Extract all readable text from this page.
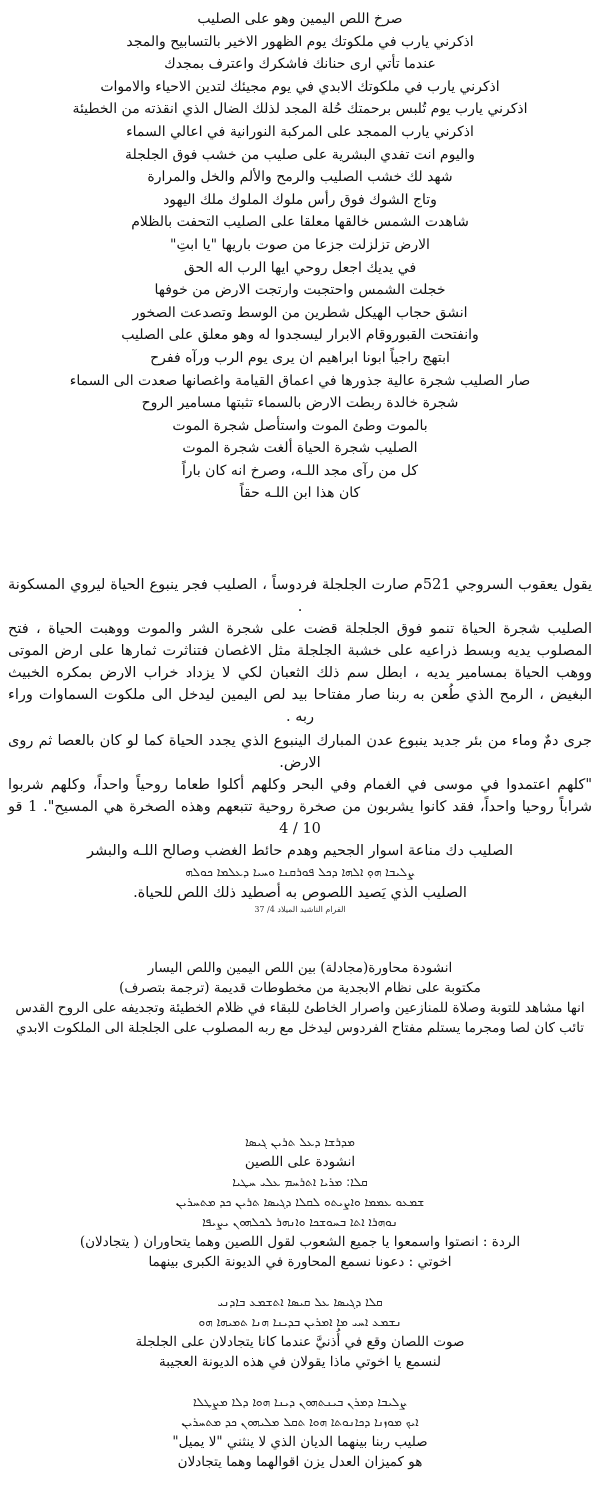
صرخ اللص اليمين وهو على الصليب
اذكرني يارب في ملكوتك يوم الظهور الاخير بالتسابيح والمجد
عندما تأتي ارى حنانك فاشكرك واعترف بمجدك
اذكرني يارب في ملكوتك الابدي في يوم مجيئك لتدين الاحياء والاموات
اذكرني يارب يوم تُلبس برحمتك حُلة المجد لذلك الضال الذي انقذته من الخطيئة
اذكرني يارب الممجد على المركبة النورانية في اعالي السماء
واليوم انت تفدي البشرية على صليب من خشب فوق الجلجلة
شهد لك خشب الصليب والرمح والألم والخل والمرارة
وتاج الشوك فوق رأس ملوك الملوك ملك اليهود
شاهدت الشمس خالقها معلقا على الصليب التحفت بالظلام
الارض تزلزلت جزعا من صوت باريها "يا ابتِ"
في يديك اجعل روحي ايها الرب اله الحق
خجلت الشمس واحتجبت وارتجت الارض من خوفها
انشق حجاب الهيكل شطرين من الوسط وتصدعت الصخور
وانفتحت القبوروقام الابرار ليسجدوا له وهو معلق على الصليب
ابتهج راجياً ابونا ابراهيم ان يرى يوم الرب ورآه ففرح
صار الصليب شجرة عالية جذورها في اعماق القيامة واغصانها صعدت الى السماء
شجرة خالدة ربطت الارض بالسماء تثبتها مسامير الروح
بالموت وطئ الموت واستأصل شجرة الموت
الصليب شجرة الحياة ألغت شجرة الموت
كل من رآى مجد اللـه، وصرخ انه كان باراً
كان هذا ابن اللـه حقاً
يقول يعقوب السروجي 521م صارت الجلجلة فردوساً ، الصليب فجر ينبوع الحياة ليروي المسكونة .
الصليب شجرة الحياة تنمو فوق الجلجلة قضت على شجرة الشر والموت ووهبت الحياة ، فتح المصلوب يديه وبسط ذراعيه على خشبة الجلجلة مثل الاغصان فتناثرت ثمارها على ارض الموتى ووهب الحياة بمسامير يديه ، ابطل سم ذلك الثعبان لكي لا يزداد خراب الارض بمكره الخبيث البغيض ، الرمح الذي طُعن به ربنا صار مفتاحا بيد لص اليمين ليدخل الى ملكوت السماوات وراء ربه .
جرى دمٌ وماء من بئر جديد ينبوع عدن المبارك الينبوع الذي يجدد الحياة كما لو كان بالعصا ثم روى الارض.
"كلهم اعتمدوا في موسى في الغمام وفي البحر وكلهم أكلوا طعاما روحياً واحداً، وكلهم شربوا شراباً روحيا واحداً، فقد كانوا يشربون من صخرة روحية تتبعهم وهذه الصخرة هي المسيح". 1 قو 10 / 4
الصليب دك مناعة اسوار الجحيم وهدم حائط الغضب وصالح اللـه والبشر
ܨܠܝܒܐ ܗܘ̣ ܐܠܗܐ ܕܟܠ ܦܘܪܩܢܐ ܘܚܝܐ ܕܥܠܡܐ ܟܘܠܗ
الصليب الذي يَصيد اللصوص به أصطيد ذلك اللص للحياة.
الفرام الناشيد الميلاد 4/ 37
انشودة محاورة(مجادلة) بين اللص اليمين واللص اليسار
مكتوبة على نظام الابجدية من مخطوطات قديمة (ترجمة بتصرف)
انها مشاهد للتوبة وصلاة للمنازعين واصرار الخاطئ للبقاء في ظلام الخطيئة وتجديفه على الروح القدس
تائب كان لصا ومجرما يستلم مفتاح الفردوس ليدخل مع ربه المصلوب على الجلجلة الى الملكوت الابدي
ܡܕܪܫܐ ܕܥܠ ܬܪܝܢ ܓܝܣܐ
انشودة على اللصين
ܩܠܐ: ܡܪܝܐ ܐܬܪܚܡ ܥܠܝ ܚܛܝܐ
ܫܡܥܘ ܥܡܡܐ ܘܐܨܝܬܘ ܠܩܠܐ ܕܓܝܣܐ ܬܪܝܢ ܟܕ ܡܬܚܪܝܢ
ܢܘܗܪܐ ܐܬܐ ܒܚܘܫܟܐ ܘܐܢܗܪ ܠܟܠܗܘܢ ܝܨܝܦܐ
الردة : انصتوا واسمعوا يا جميع الشعوب لقول اللصين وهما يتحاوران ( يتجادلان)
اخوتي : دعونا نسمع المحاورة في الديونة الكبرى بينهما
ܩܠܐ ܕܓܝܣܐ ܥܠ ܩܝܣܐ ܐܬܫܡܥ ܒܐܕܢܝ
ܢܫܡܥ ܐܚܝ ܡܐ ܐܡܪܝܢ ܒܕܝܢܐ ܗܢܐ ܬܡܝܗܐ ܗܘ
صوت اللصان وقع في أُذنيَّ عندما كانا يتجادلان على الجلجلة
لنسمع يا اخوتي ماذا يقولان في هذه الديونة العجيبة
ܨܠܝܒܐ ܕܡܪܢ ܒܝܢܬܗܘܢ ܕܝܢܐ ܗܘܐ ܕܠܐ ܡܨܛܠܐ
ܐܝܟ ܡܘܙܢܐ ܕܟܐܢܘܬܐ ܗܘܐ ܬܩܠ ܡܠܝܗܘܢ ܟܕ ܡܬܚܪܝܢ
صليب ربنا بينهما الديان الذي لا ينثني "لا يميل"
هو كميزان العدل يزن اقوالهما وهما يتجادلان
